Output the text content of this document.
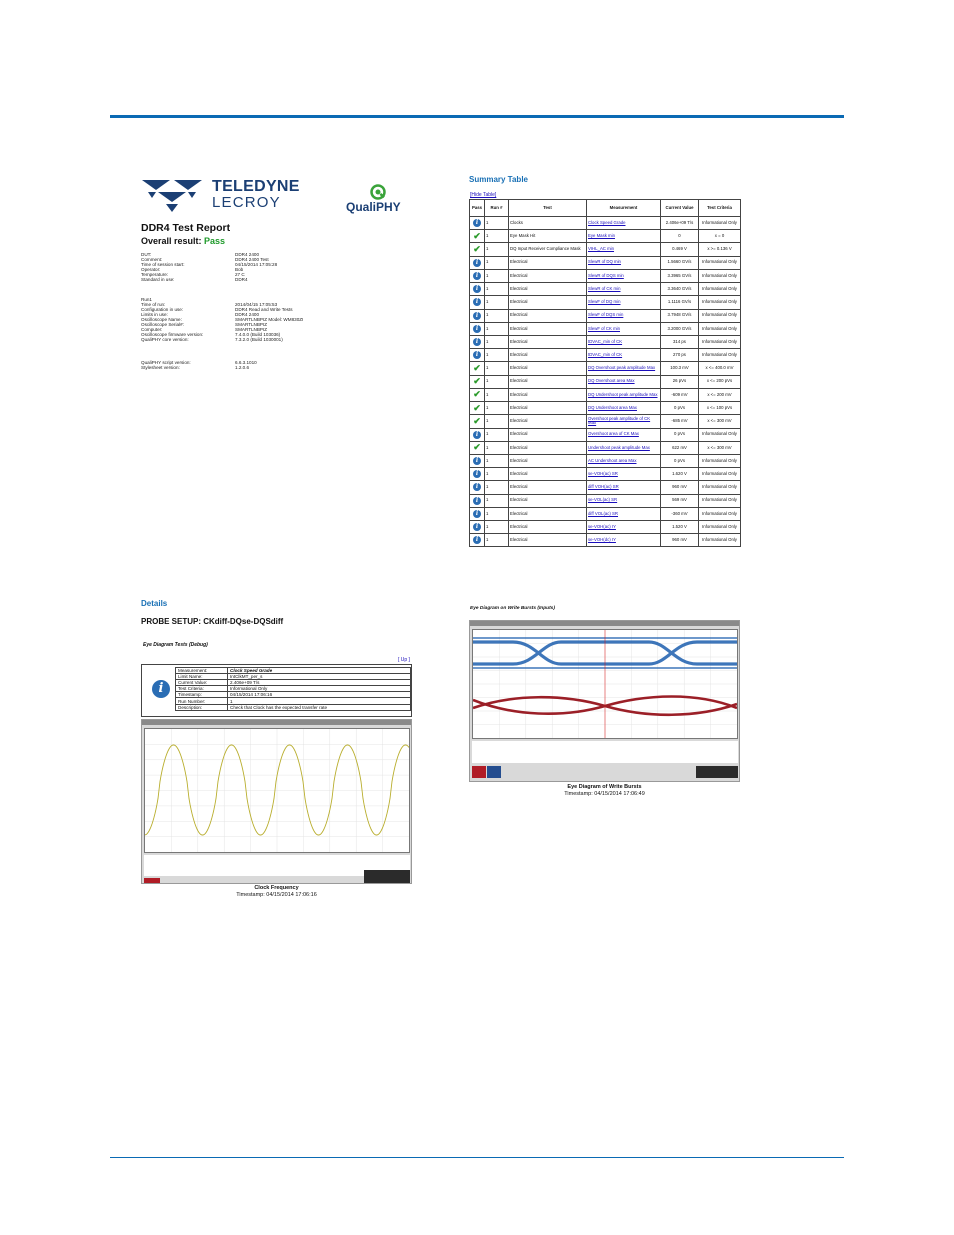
TELEDYNE
LECROY	QualiPHY
DDR4 Test Report
Overall result: Pass
DUT:	DDR4 2400
Comment:	DDR4 2400 Test
Time of session start:	04/15/2014 17:05:28
Operator:	Bob
Temperature:	27 C
Standard in use:	DDR4
Run1
Time of run:	2014/04/15 17:05:53
Configuration in use:	DDR4 Read and Write Tests
Limits in use:	DDR4 2400
Oscilloscope Name:	SMARTLNBPIZ Model: WM830ZI
Oscilloscope Serial#:	SMARTLNBPIZ
Computer:	SMARTLNBPIZ
Oscilloscope firmware version:	7.4.0.0 (Build 103036)
QualiPHY core version:	7.3.2.0 (Build 1030001)
QualiPHY script version:	6.6.3.1010
Stylesheet version:	1.2.0.6
Summary Table
[Hide Table]
Pass	Run #	Test	Measurement	Current Value	Test Criteria
i	1	Clocks	Clock Speed Grade	2.406e+09 T/s	Informational Only
✔	1	Eye Mask Hit	Eye Mask min	0	x = 0
✔	1	DQ Input Receiver Compliance Mask	VIHL_AC min	0.469 V	x >= 0.136 V
i	1	Electrical	SlewR of DQ min	1.5660 GV/s	Informational Only
i	1	Electrical	SlewR of DQS min	3.3965 GV/s	Informational Only
i	1	Electrical	SlewR of CK min	3.3640 GV/s	Informational Only
i	1	Electrical	SlewF of DQ min	1.1116 GV/s	Informational Only
i	1	Electrical	SlewF of DQS min	3.7948 GV/s	Informational Only
i	1	Electrical	SlewF of CK min	3.2000 GV/s	Informational Only
i	1	Electrical	tDVAC_min of CK	314 ps	Informational Only
i	1	Electrical	tDVAC_min of CK	270 ps	Informational Only
✔	1	Electrical	DQ Overshoot peak amplitude Max	100.3 mV	x <= 400.0 mV
✔	1	Electrical	DQ Overshoot area Max	26 pVs	x <= 200 pVs
✔	1	Electrical	DQ Undershoot peak amplitude Max	-609 mV	x <= 200 mV
✔	1	Electrical	DQ Undershoot area Max	0 pVs	x <= 100 pVs
✔	1	Electrical	Overshoot peak amplitude of CK Max	-685 mV	x <= 300 mV
i	1	Electrical	Overshoot area of CK Max	0 pVs	Informational Only
✔	1	Electrical	Undershoot peak amplitude Max	622 mV	x <= 300 mV
i	1	Electrical	AC Undershoot area Max	0 pVs	Informational Only
i	1	Electrical	se-VOH(ac) SR	1.620 V	Informational Only
i	1	Electrical	diff VOH(ac) SR	960 mV	Informational Only
i	1	Electrical	se-VOL(ac) SR	569 mV	Informational Only
i	1	Electrical	diff VOL(ac) SR	-360 mV	Informational Only
i	1	Electrical	se-VOH(ac) IY	1.520 V	Informational Only
i	1	Electrical	se-VOH(dc) IY	960 mV	Informational Only
Details
PROBE SETUP: CKdiff-DQse-DQSdiff
Eye Diagram Tests (Debug)
[ Up ]
i
Measurement:	Clock Speed Grade
Limit Name:	IntClkMT_per_s
Current Value:	2.406e+09 T/s
Test Criteria:	Informational Only
Timestamp:	04/15/2014 17:06:16
Run Number:	1
Description:	Check that Clock has the expected transfer rate
Clock Frequency
Timestamp: 04/15/2014 17:06:16
Eye Diagram on Write Bursts (Inputs)
Eye Diagram of Write Bursts
Timestamp: 04/15/2014 17:06:49
